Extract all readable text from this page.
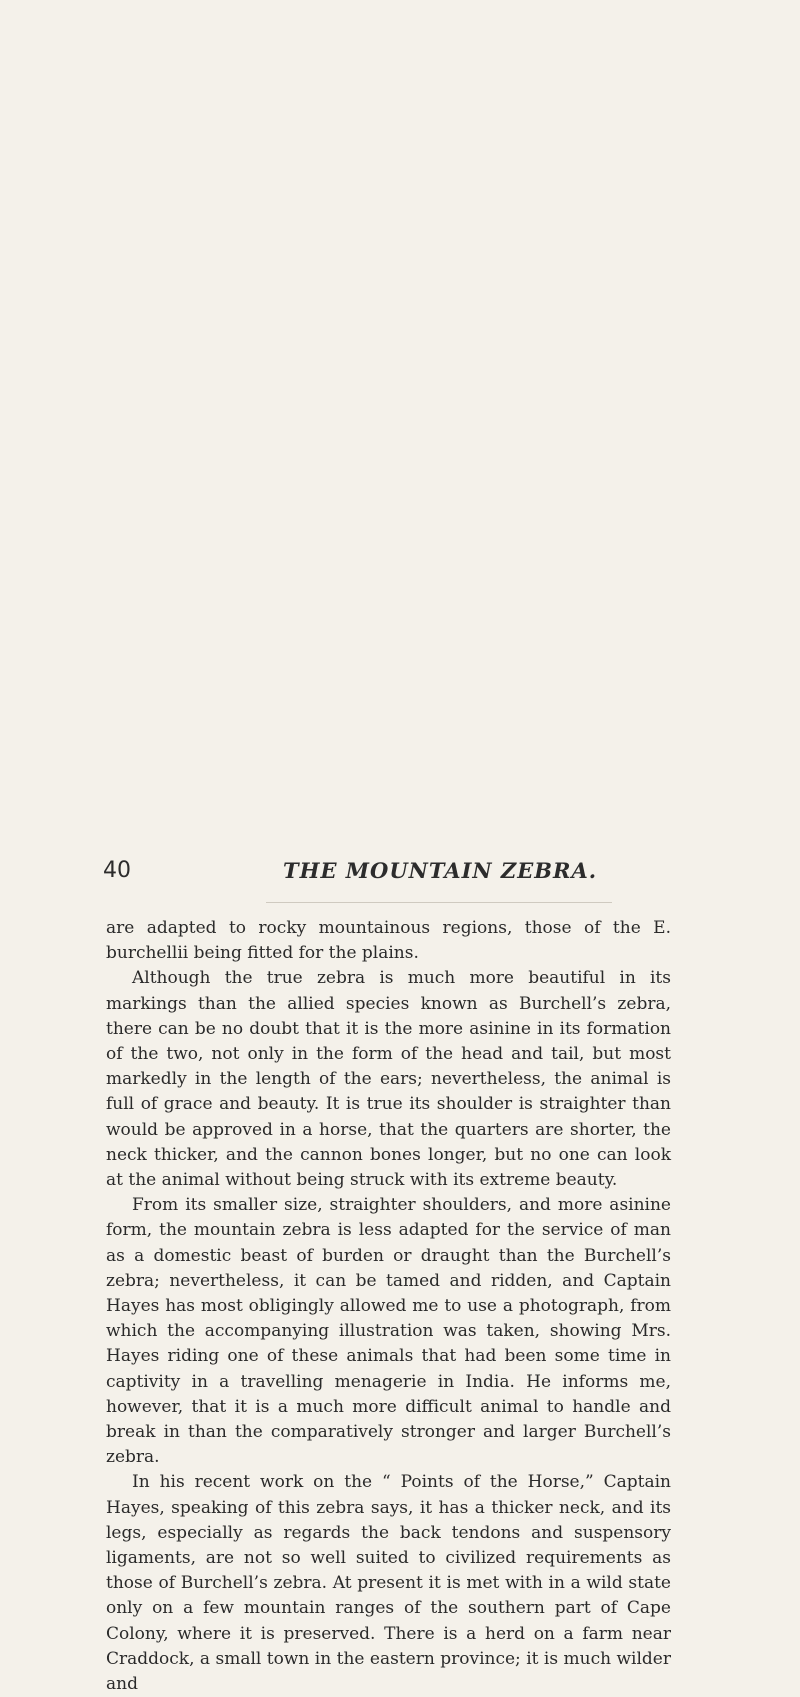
40	THE MOUNTAIN ZEBRA.

are adapted to rocky mountainous regions, those of the E. burchellii being fitted for the plains.

Although the true zebra is much more beautiful in its markings than the allied species known as Burchell’s zebra, there can be no doubt that it is the more asinine in its formation of the two, not only in the form of the head and tail, but most markedly in the length of the ears; nevertheless, the animal is full of grace and beauty. It is true its shoulder is straighter than would be approved in a horse, that the quarters are shorter, the neck thicker, and the cannon bones longer, but no one can look at the animal without being struck with its extreme beauty.

From its smaller size, straighter shoulders, and more asinine form, the mountain zebra is less adapted for the service of man as a domestic beast of burden or draught than the Burchell’s zebra; nevertheless, it can be tamed and ridden, and Captain Hayes has most obligingly allowed me to use a photograph, from which the accompanying illustration was taken, showing Mrs. Hayes riding one of these animals that had been some time in captivity in a travelling menagerie in India. He informs me, however, that it is a much more difficult animal to handle and break in than the comparatively stronger and larger Burchell’s zebra.

In his recent work on the “ Points of the Horse,” Captain Hayes, speaking of this zebra says, it has a thicker neck, and its legs, especially as regards the back tendons and suspensory ligaments, are not so well suited to civilized requirements as those of Burchell’s zebra. At present it is met with in a wild state only on a few mountain ranges of the southern part of Cape Colony, where it is preserved. There is a herd on a farm near Craddock, a small town in the eastern province; it is much wilder and
